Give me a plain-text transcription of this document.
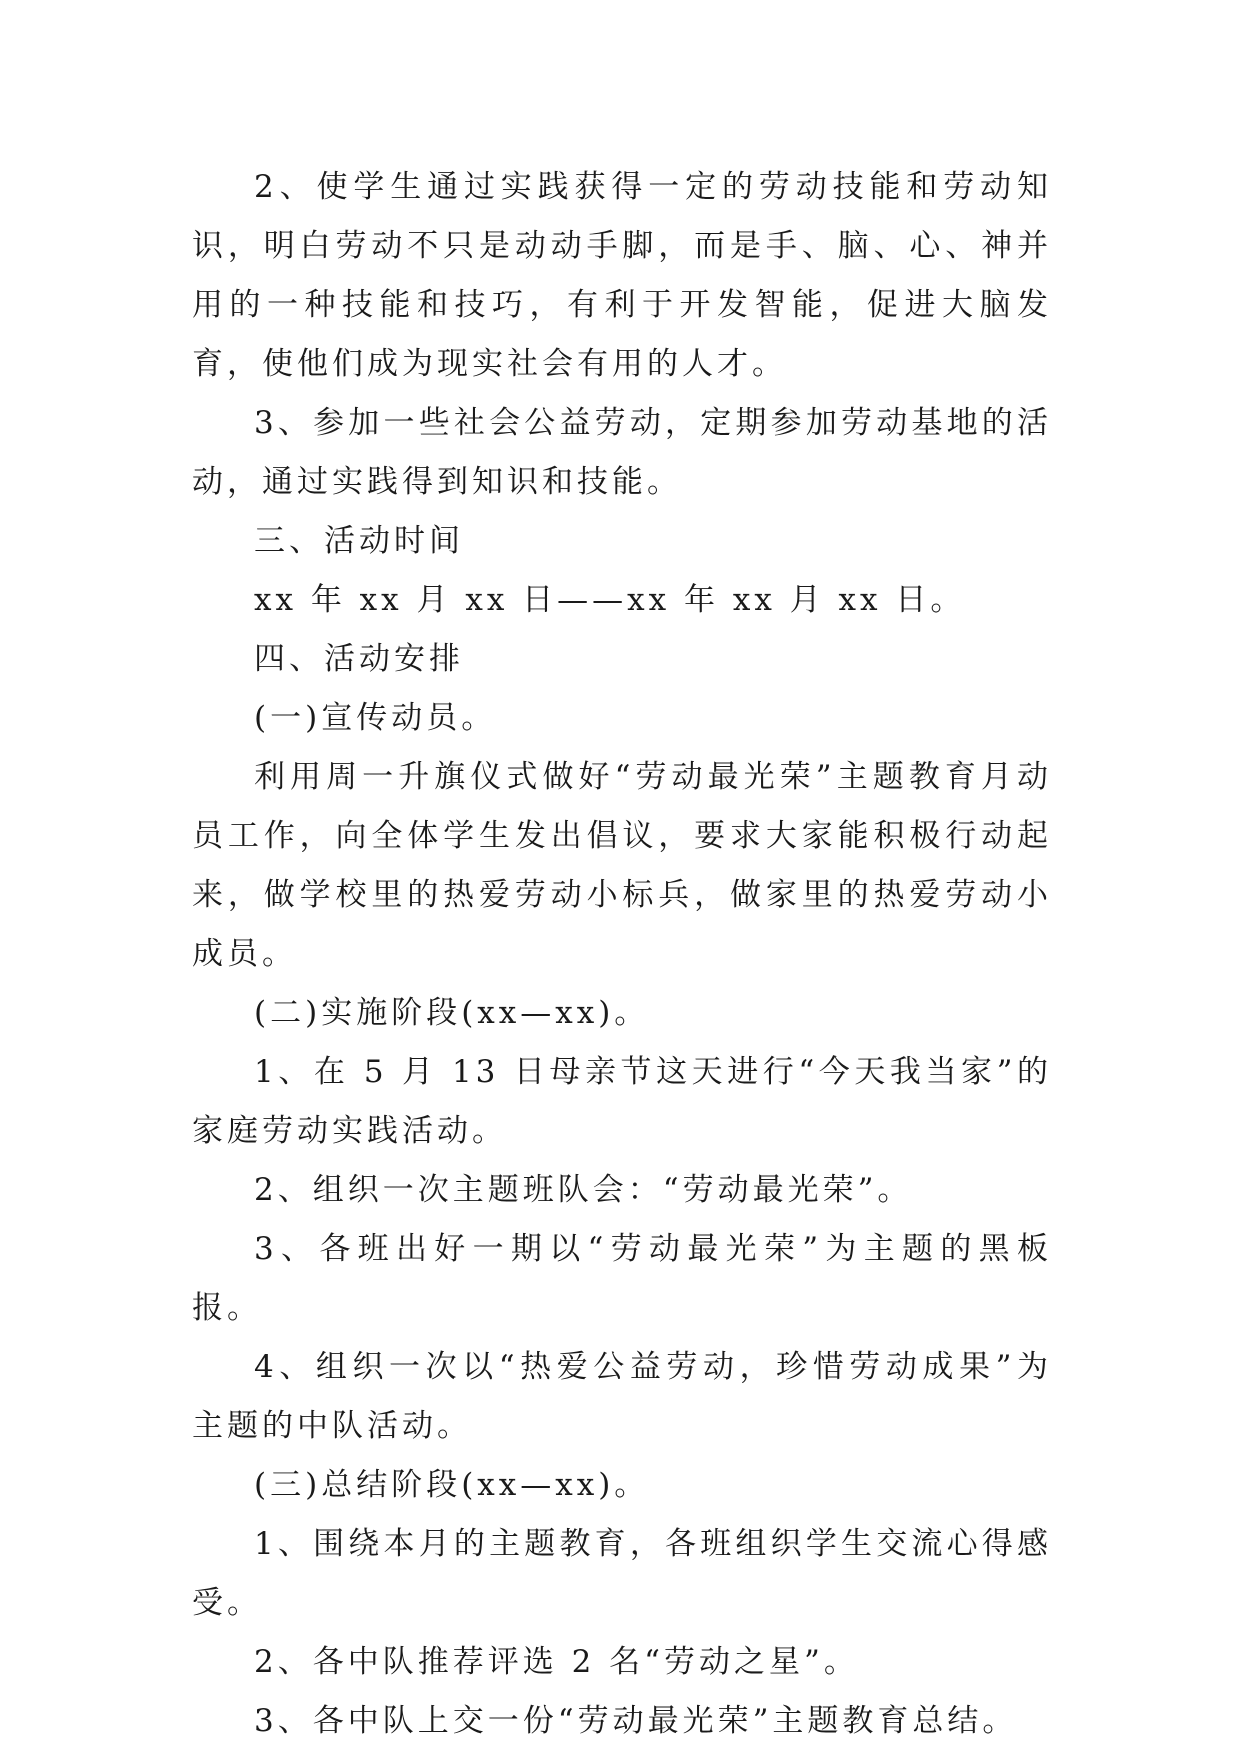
2、使学生通过实践获得一定的劳动技能和劳动知识，明白劳动不只是动动手脚，而是手、脑、心、神并用的一种技能和技巧，有利于开发智能，促进大脑发育，使他们成为现实社会有用的人才。

3、参加一些社会公益劳动，定期参加劳动基地的活动，通过实践得到知识和技能。

三、活动时间

xx 年 xx 月 xx 日——xx 年 xx 月 xx 日。

四、活动安排

(一)宣传动员。

利用周一升旗仪式做好“劳动最光荣”主题教育月动员工作，向全体学生发出倡议，要求大家能积极行动起来，做学校里的热爱劳动小标兵，做家里的热爱劳动小成员。

(二)实施阶段(xx—xx)。

1、在 5 月 13 日母亲节这天进行“今天我当家”的家庭劳动实践活动。

2、组织一次主题班队会：“劳动最光荣”。

3、各班出好一期以“劳动最光荣”为主题的黑板报。

4、组织一次以“热爱公益劳动，珍惜劳动成果”为主题的中队活动。

(三)总结阶段(xx—xx)。

1、围绕本月的主题教育，各班组织学生交流心得感受。

2、各中队推荐评选 2 名“劳动之星”。

3、各中队上交一份“劳动最光荣”主题教育总结。
